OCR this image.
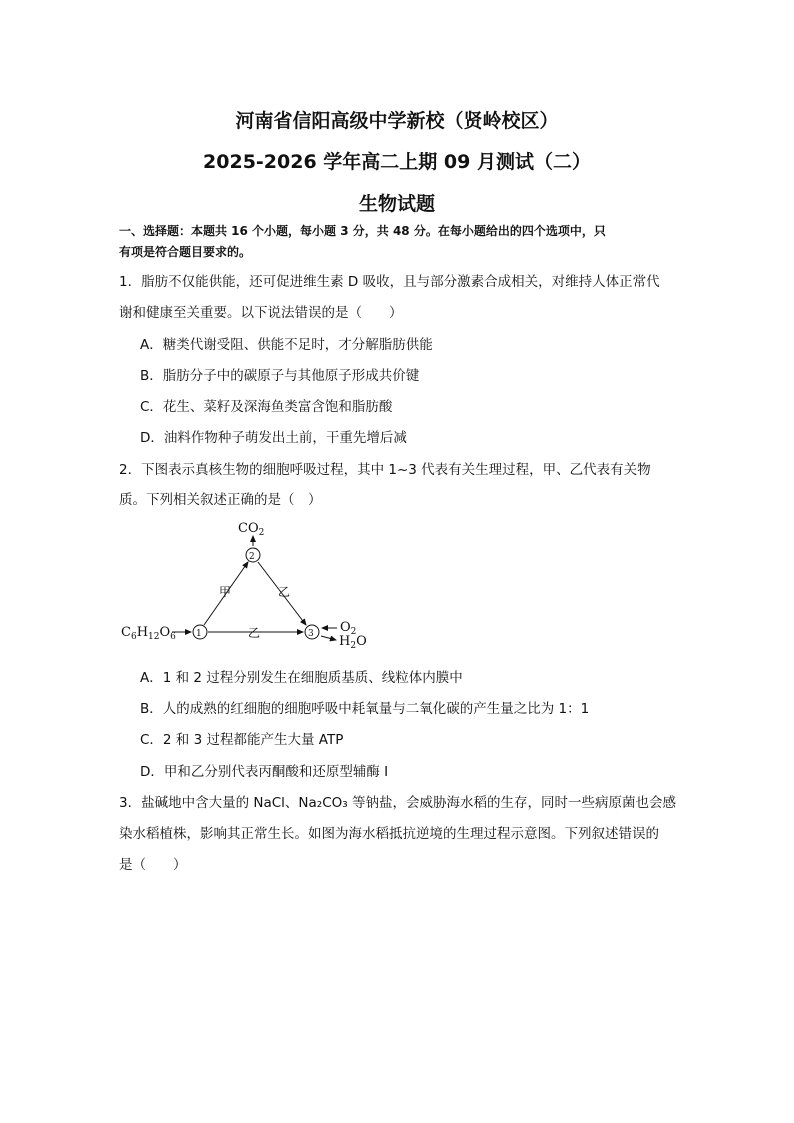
河南省信阳高级中学新校（贤岭校区）
2025-2026 学年高二上期 09 月测试（二）
生物试题
一、选择题：本题共 16 个小题，每小题 3 分，共 48 分。在每小题给出的四个选项中，只
有项是符合题目要求的。
1．脂肪不仅能供能，还可促进维生素 D 吸收，且与部分激素合成相关，对维持人体正常代
谢和健康至关重要。以下说法错误的是（　　）
A．糖类代谢受阻、供能不足时，才分解脂肪供能
B．脂肪分子中的碳原子与其他原子形成共价键
C．花生、菜籽及深海鱼类富含饱和脂肪酸
D．油料作物种子萌发出土前，干重先增后减
2．下图表示真核生物的细胞呼吸过程，其中 1~3 代表有关生理过程，甲、乙代表有关物
质。下列相关叙述正确的是（　）
$CO_2$
2
1	3
$C_6H_{12}O_6$
甲	乙
乙	$O_2$
$H_2O$
A．1 和 2 过程分别发生在细胞质基质、线粒体内膜中
B．人的成熟的红细胞的细胞呼吸中耗氧量与二氧化碳的产生量之比为 1：1
C．2 和 3 过程都能产生大量 ATP
D．甲和乙分别代表丙酮酸和还原型辅酶 I
3．盐碱地中含大量的 NaCl、Na₂CO₃ 等钠盐，会威胁海水稻的生存，同时一些病原菌也会感
染水稻植株，影响其正常生长。如图为海水稻抵抗逆境的生理过程示意图。下列叙述错误的
是（　　）
